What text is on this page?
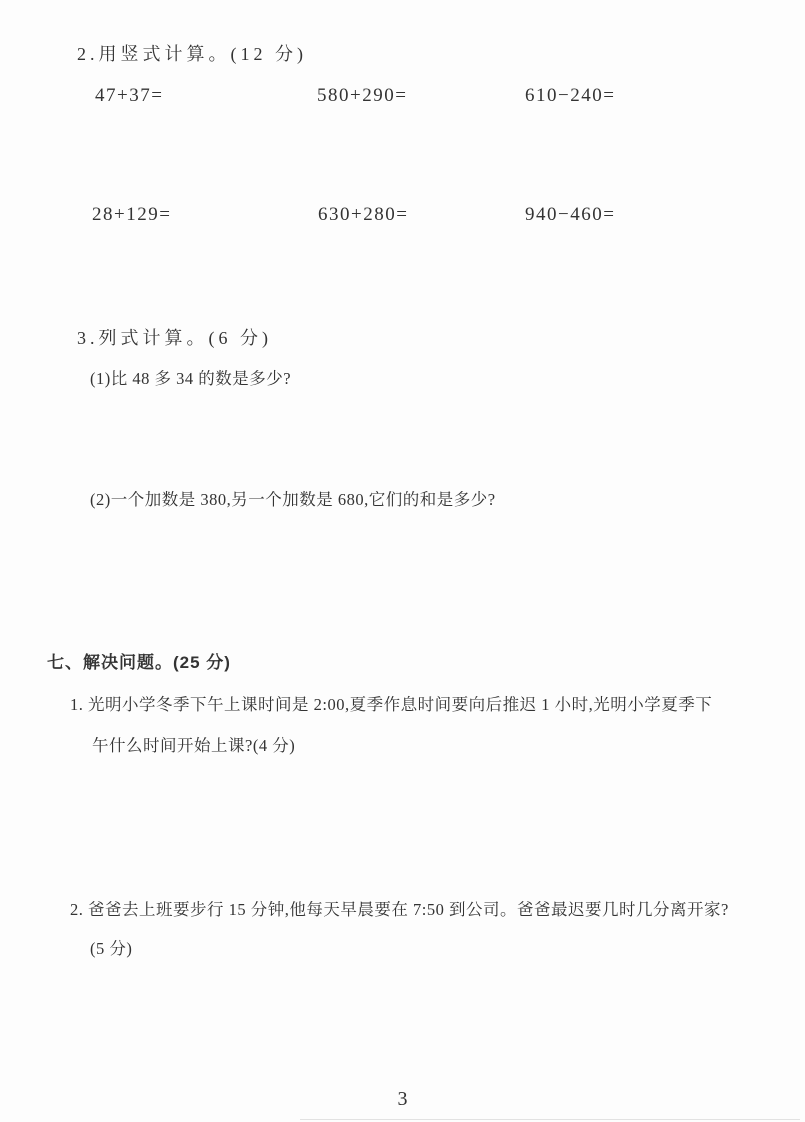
2.用竖式计算。(12 分)
47+37=	580+290=	610−240=
28+129=	630+280=	940−460=
3.列式计算。(6 分)
(1)比 48 多 34 的数是多少?
(2)一个加数是 380,另一个加数是 680,它们的和是多少?
七、解决问题。(25 分)
1. 光明小学冬季下午上课时间是 2:00,夏季作息时间要向后推迟 1 小时,光明小学夏季下
午什么时间开始上课?(4 分)
2. 爸爸去上班要步行 15 分钟,他每天早晨要在 7:50 到公司。爸爸最迟要几时几分离开家?
(5 分)
3
